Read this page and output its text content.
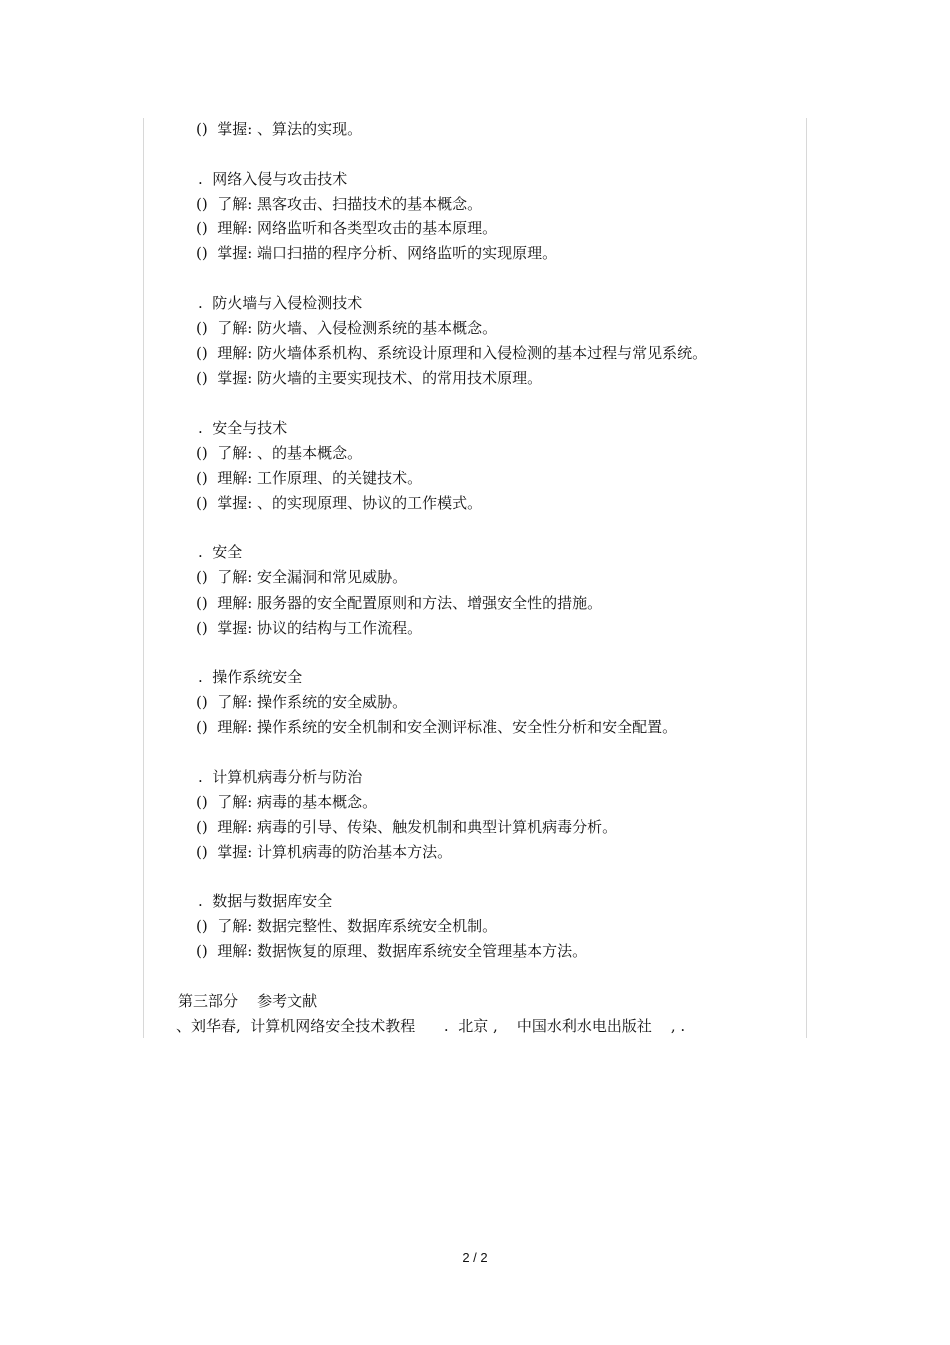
()  掌握: 、算法的实现。
.  网络入侵与攻击技术
()  了解: 黑客攻击、扫描技术的基本概念。
()  理解: 网络监听和各类型攻击的基本原理。
()  掌握: 端口扫描的程序分析、网络监听的实现原理。
.  防火墙与入侵检测技术
()  了解: 防火墙、入侵检测系统的基本概念。
()  理解: 防火墙体系机构、系统设计原理和入侵检测的基本过程与常见系统。
()  掌握: 防火墙的主要实现技术、的常用技术原理。
.  安全与技术
()  了解: 、的基本概念。
()  理解: 工作原理、的关键技术。
()  掌握: 、的实现原理、协议的工作模式。
.  安全
()  了解: 安全漏洞和常见威胁。
()  理解: 服务器的安全配置原则和方法、增强安全性的措施。
()  掌握: 协议的结构与工作流程。
.  操作系统安全
()  了解: 操作系统的安全威胁。
()  理解: 操作系统的安全机制和安全测评标准、安全性分析和安全配置。
.  计算机病毒分析与防治
()  了解: 病毒的基本概念。
()  理解: 病毒的引导、传染、触发机制和典型计算机病毒分析。
()  掌握: 计算机病毒的防治基本方法。
.  数据与数据库安全
()  了解: 数据完整性、数据库系统安全机制。
()  理解: 数据恢复的原理、数据库系统安全管理基本方法。
第三部分    参考文献
、刘华春,  计算机网络安全技术教程      .  北京 ,    中国水利水电出版社    , .
2 / 2
